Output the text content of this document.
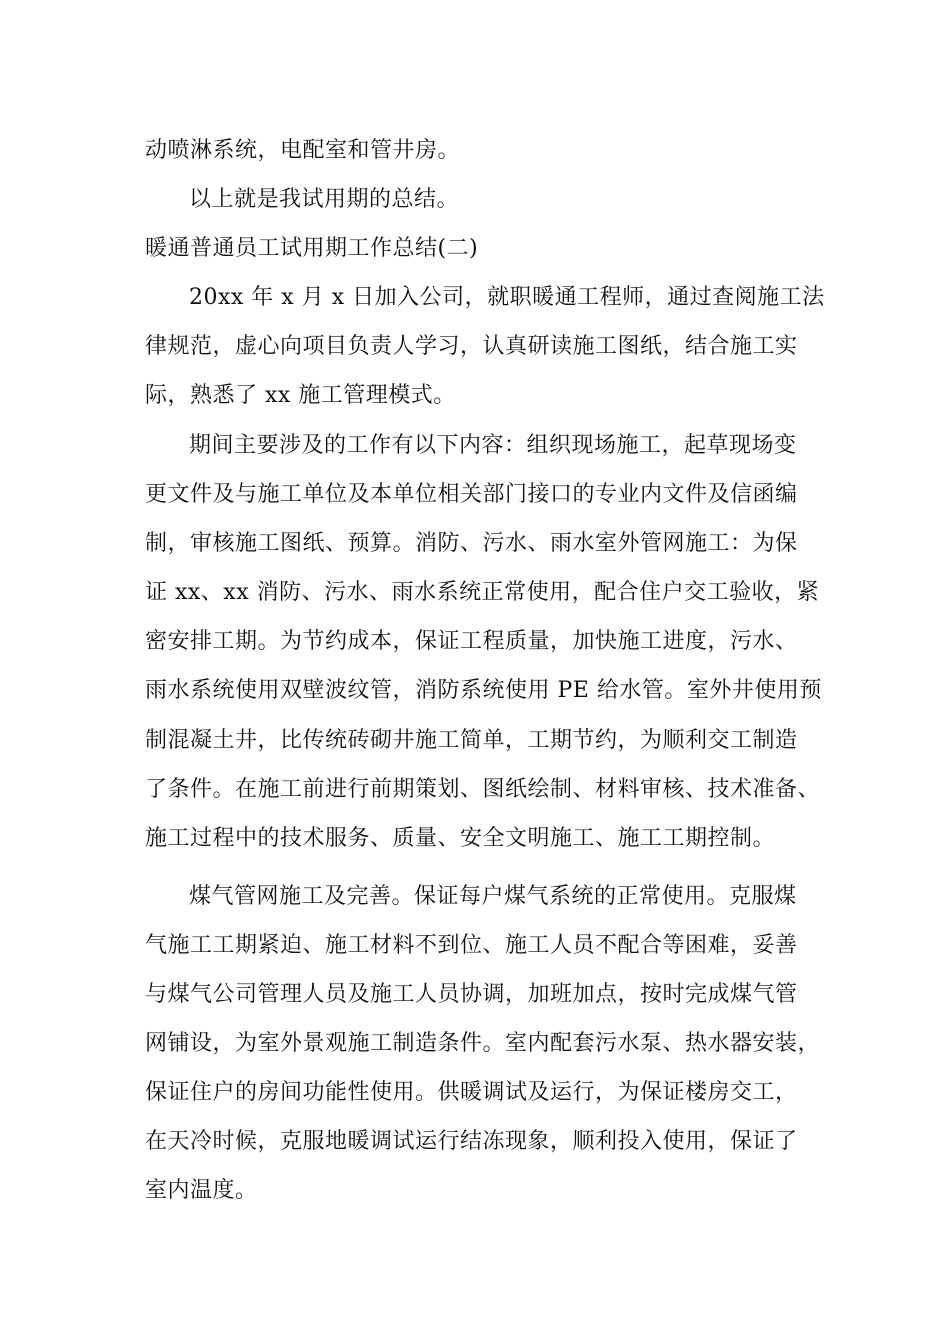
动喷淋系统，电配室和管井房。

以上就是我试用期的总结。

暖通普通员工试用期工作总结(二)

20xx 年 x 月 x 日加入公司，就职暖通工程师，通过查阅施工法

律规范，虚心向项目负责人学习，认真研读施工图纸，结合施工实

际，熟悉了 xx 施工管理模式。

期间主要涉及的工作有以下内容：组织现场施工，起草现场变

更文件及与施工单位及本单位相关部门接口的专业内文件及信函编

制，审核施工图纸、预算。消防、污水、雨水室外管网施工：为保

证 xx、xx 消防、污水、雨水系统正常使用，配合住户交工验收，紧

密安排工期。为节约成本，保证工程质量，加快施工进度，污水、

雨水系统使用双壁波纹管，消防系统使用 PE 给水管。室外井使用预

制混凝土井，比传统砖砌井施工简单，工期节约，为顺利交工制造

了条件。在施工前进行前期策划、图纸绘制、材料审核、技术准备、

施工过程中的技术服务、质量、安全文明施工、施工工期控制。

煤气管网施工及完善。保证每户煤气系统的正常使用。克服煤

气施工工期紧迫、施工材料不到位、施工人员不配合等困难，妥善

与煤气公司管理人员及施工人员协调，加班加点，按时完成煤气管

网铺设，为室外景观施工制造条件。室内配套污水泵、热水器安装，

保证住户的房间功能性使用。供暖调试及运行，为保证楼房交工，

在天冷时候，克服地暖调试运行结冻现象，顺利投入使用，保证了

室内温度。
